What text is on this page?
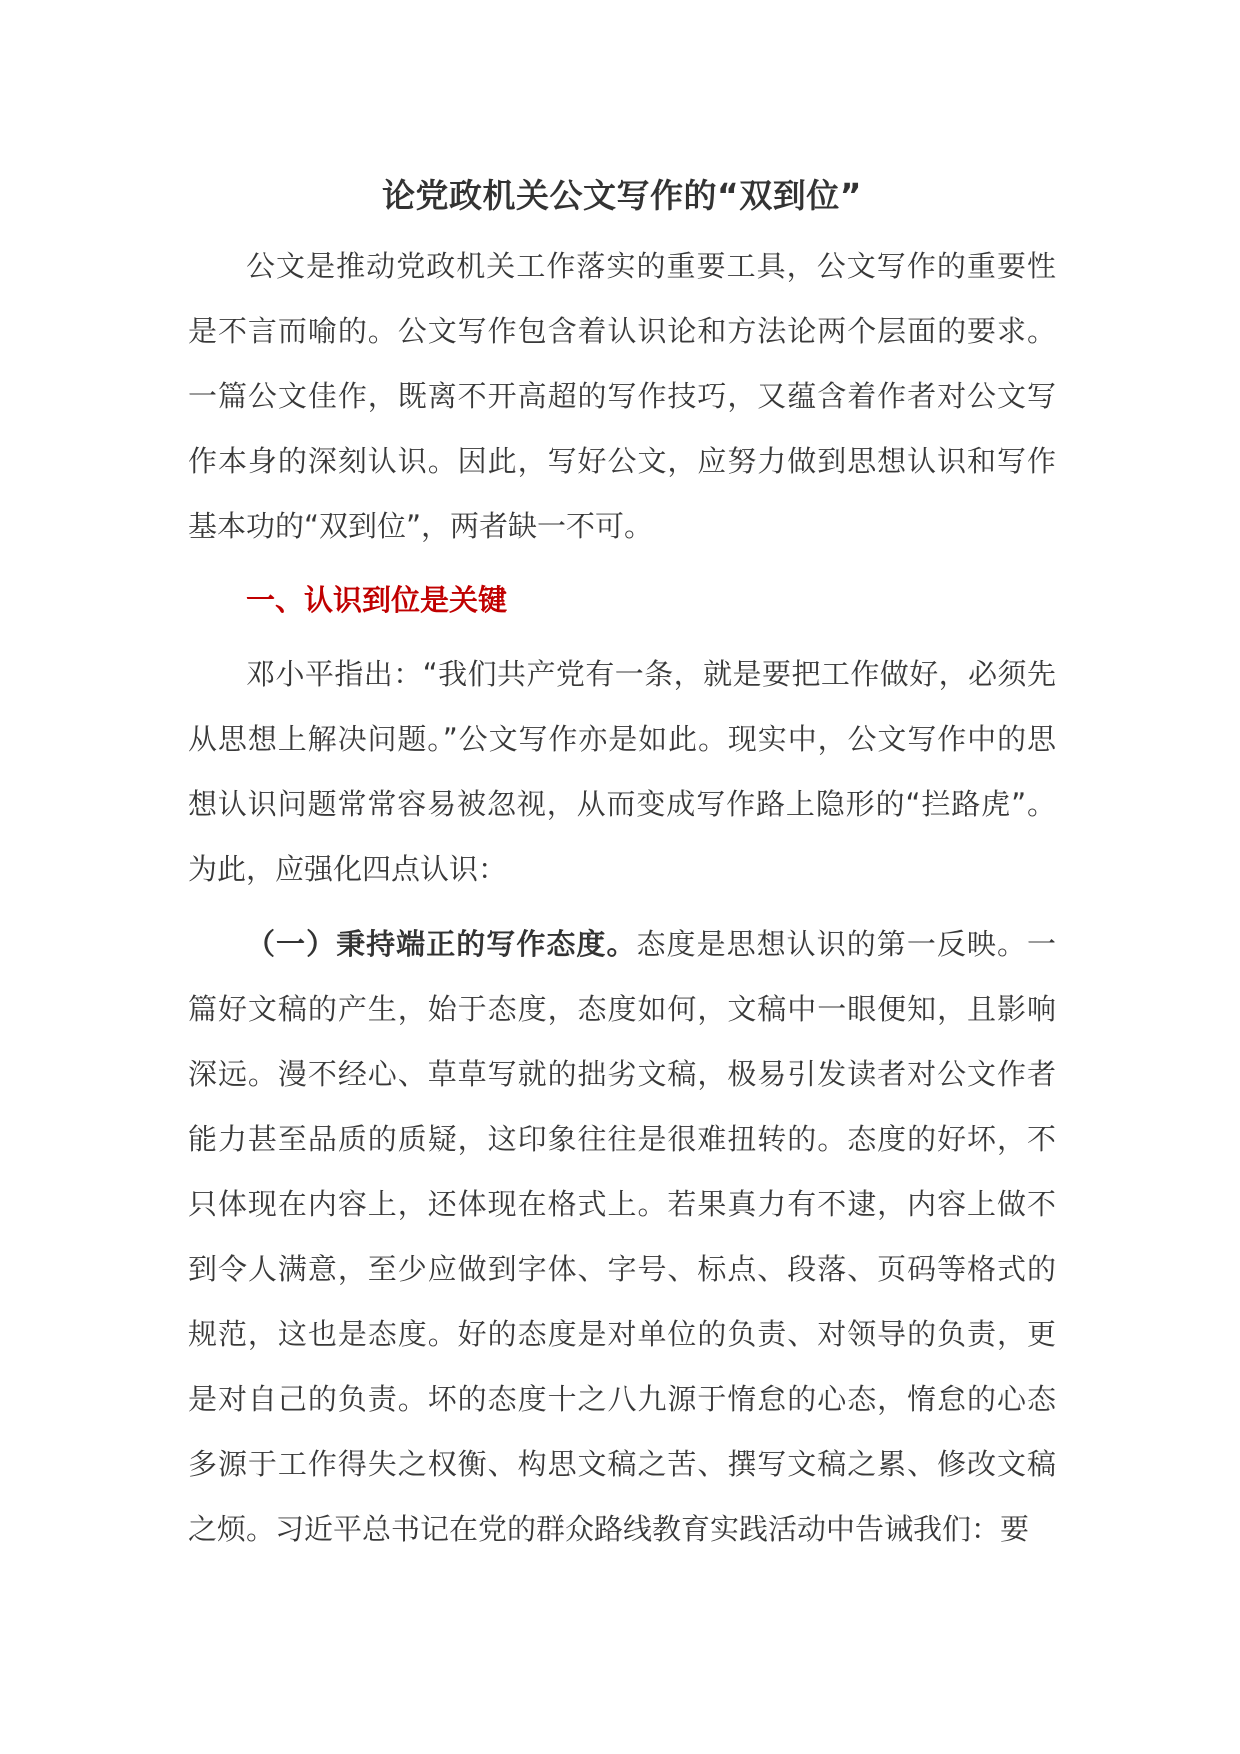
论党政机关公文写作的“双到位”

公文是推动党政机关工作落实的重要工具，公文写作的重要性是不言而喻的。公文写作包含着认识论和方法论两个层面的要求。一篇公文佳作，既离不开高超的写作技巧，又蕴含着作者对公文写作本身的深刻认识。因此，写好公文，应努力做到思想认识和写作基本功的“双到位”，两者缺一不可。

一、认识到位是关键

邓小平指出：“我们共产党有一条，就是要把工作做好，必须先从思想上解决问题。”公文写作亦是如此。现实中，公文写作中的思想认识问题常常容易被忽视，从而变成写作路上隐形的“拦路虎”。为此，应强化四点认识：

（一）秉持端正的写作态度。态度是思想认识的第一反映。一篇好文稿的产生，始于态度，态度如何，文稿中一眼便知，且影响深远。漫不经心、草草写就的拙劣文稿，极易引发读者对公文作者能力甚至品质的质疑，这印象往往是很难扭转的。态度的好坏，不只体现在内容上，还体现在格式上。若果真力有不逮，内容上做不到令人满意，至少应做到字体、字号、标点、段落、页码等格式的规范，这也是态度。好的态度是对单位的负责、对领导的负责，更是对自己的负责。坏的态度十之八九源于惰怠的心态，惰怠的心态多源于工作得失之权衡、构思文稿之苦、撰写文稿之累、修改文稿之烦。习近平总书记在党的群众路线教育实践活动中告诫我们：要
